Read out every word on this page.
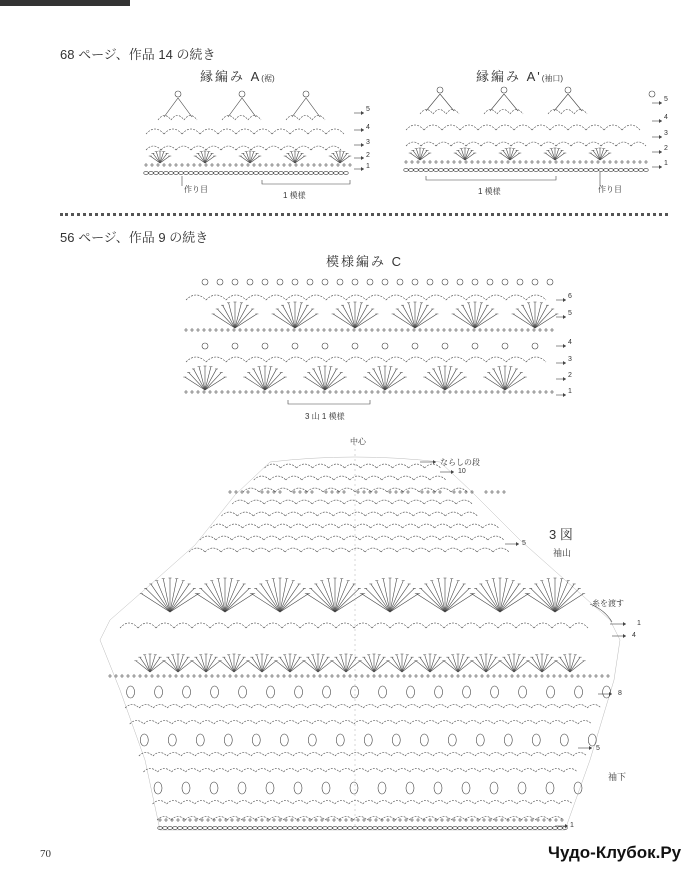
68 ページ、作品 14 の続き
縁編み A(裾)	縁編み A'(袖口)
5
4
3
2
1
作り目
1 模様
5
4
3
2
1
作り目
1 模様
56 ページ、作品 9 の続き
模様編み C
6
5
4
3
2
1
3 山 1 模様
中心
ならしの段
10
5
3 図
袖山
糸を渡す
1
4
8
5
袖下
1
70	Чудо-Клубок.Ру
